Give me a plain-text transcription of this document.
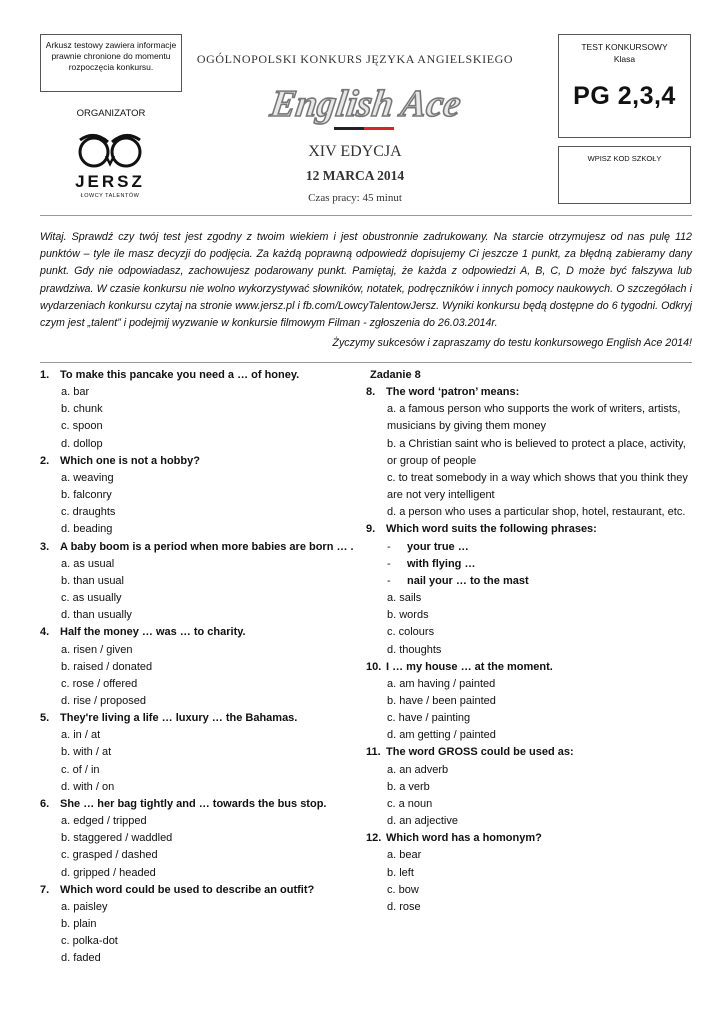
Arkusz testowy zawiera informacje prawnie chronione do momentu rozpoczęcia konkursu.
ORGANIZATOR
JERSZ
ŁOWCY TALENTÓW
OGÓLNOPOLSKI KONKURS JĘZYKA ANGIELSKIEGO
English Ace
XIV EDYCJA
12 MARCA 2014
Czas pracy: 45 minut
TEST KONKURSOWY
Klasa
PG 2,3,4
WPISZ KOD SZKOŁY
Witaj. Sprawdź czy twój test jest zgodny z twoim wiekiem i jest obustronnie zadrukowany. Na starcie otrzymujesz od nas pulę 112 punktów – tyle ile masz decyzji do podjęcia. Za każdą poprawną odpowiedź dopisujemy Ci jeszcze 1 punkt, za błędną zabieramy dany punkt. Gdy nie odpowiadasz, zachowujesz podarowany punkt. Pamiętaj, że każda z odpowiedzi A, B, C, D może być fałszywa lub prawdziwa. W czasie konkursu nie wolno wykorzystywać słowników, notatek, podręczników i innych pomocy naukowych. O szczegółach i wydarzeniach konkursu czytaj na stronie www.jersz.pl i fb.com/LowcyTalentowJersz. Wyniki konkursu będą dostępne do 6 tygodni. Odkryj czym jest „talent” i podejmij wyzwanie w konkursie filmowym Filman - zgłoszenia do 26.03.2014r.
Życzymy sukcesów i zapraszamy do testu konkursowego English Ace 2014!
1. To make this pancake you need a … of honey.
a. bar
b. chunk
c. spoon
d. dollop
2. Which one is not a hobby?
a. weaving
b. falconry
c. draughts
d. beading
3. A baby boom is a period when more babies are born … .
a. as usual
b. than usual
c. as usually
d. than usually
4. Half the money … was … to charity.
a. risen / given
b. raised / donated
c. rose / offered
d. rise / proposed
5. They're living a life … luxury … the Bahamas.
a. in / at
b. with / at
c. of / in
d. with / on
6. She … her bag tightly and … towards the bus stop.
a. edged / tripped
b. staggered / waddled
c. grasped / dashed
d. gripped / headed
7. Which word could be used to describe an outfit?
a. paisley
b. plain
c. polka-dot
d. faded
Zadanie 8
8. The word ‘patron’ means:
a. a famous person who supports the work of writers, artists, musicians by giving them money
b. a Christian saint who is believed to protect a place, activity, or group of people
c. to treat somebody in a way which shows that you think they are not very intelligent
d. a person who uses a particular shop, hotel, restaurant, etc.
9. Which word suits the following phrases:
-	your true …
-	with flying …
-	nail your … to the mast
a. sails
b. words
c. colours
d. thoughts
10. I … my house … at the moment.
a. am having / painted
b. have / been painted
c. have / painting
d. am getting / painted
11. The word GROSS could be used as:
a. an adverb
b. a verb
c. a noun
d. an adjective
12. Which word has a homonym?
a. bear
b. left
c. bow
d. rose
